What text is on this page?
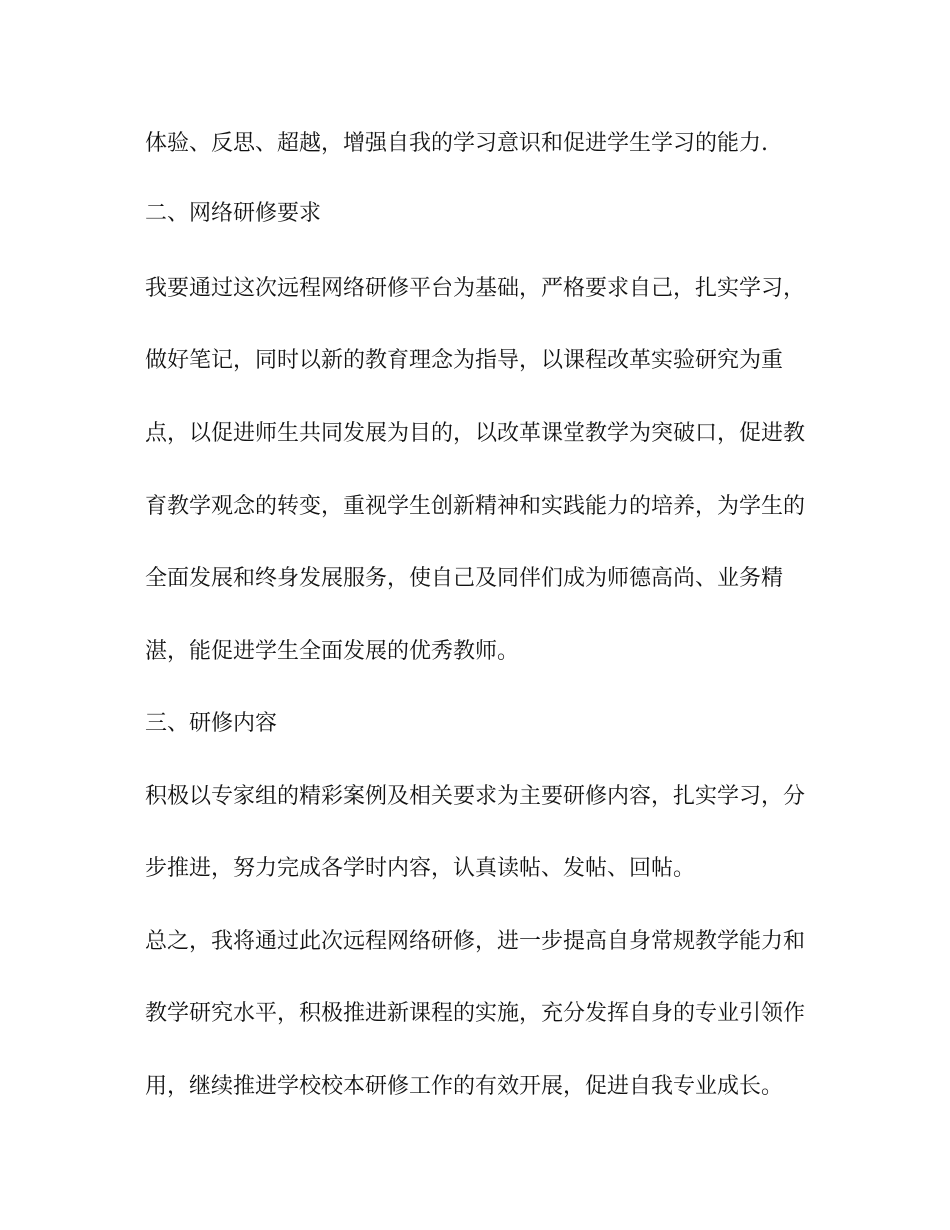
体验、反思、超越，增强自我的学习意识和促进学生学习的能力.
二、网络研修要求
我要通过这次远程网络研修平台为基础，严格要求自己，扎实学习，
做好笔记，同时以新的教育理念为指导，以课程改革实验研究为重
点，以促进师生共同发展为目的，以改革课堂教学为突破口，促进教
育教学观念的转变，重视学生创新精神和实践能力的培养，为学生的
全面发展和终身发展服务，使自己及同伴们成为师德高尚、业务精
湛，能促进学生全面发展的优秀教师。
三、研修内容
积极以专家组的精彩案例及相关要求为主要研修内容，扎实学习，分
步推进，努力完成各学时内容，认真读帖、发帖、回帖。
总之，我将通过此次远程网络研修，进一步提高自身常规教学能力和
教学研究水平，积极推进新课程的实施，充分发挥自身的专业引领作
用，继续推进学校校本研修工作的有效开展，促进自我专业成长。
